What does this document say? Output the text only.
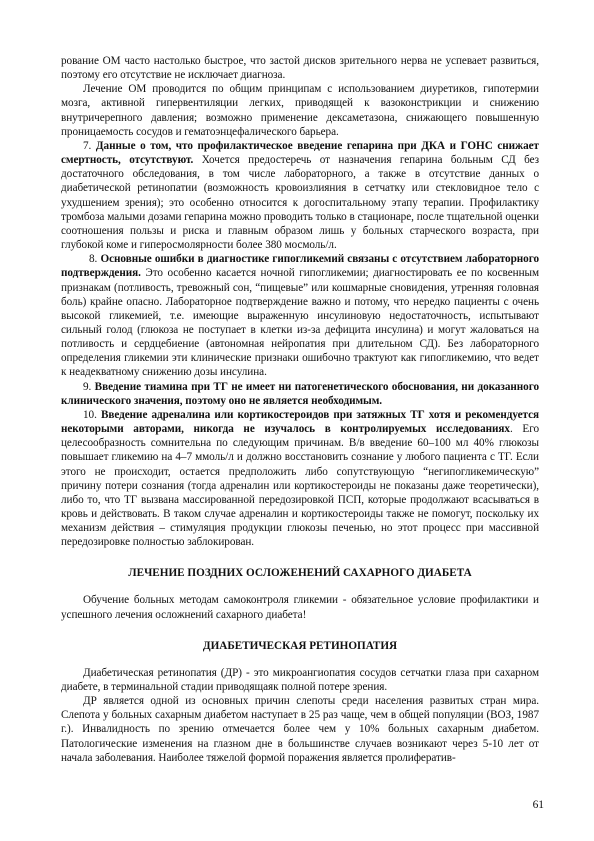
рование ОМ часто настолько быстрое, что застой дисков зрительного нерва не успевает развиться, поэтому его отсутствие не исключает диагноза.

Лечение ОМ проводится по общим принципам с использованием диуретиков, гипотермии мозга, активной гипервентиляции легких, приводящей к вазоконстрикции и снижению внутричерепного давления; возможно применение дексаметазона, снижающего повышенную проницаемость сосудов и гематоэнцефалического барьера.

7. Данные о том, что профилактическое введение гепарина при ДКА и ГОНС снижает смертность, отсутствуют. Хочется предостеречь от назначения гепарина больным СД без достаточного обследования, в том числе лабораторного, а также в отсутствие данных о диабетической ретинопатии (возможность кровоизлияния в сетчатку или стекловидное тело с ухудшением зрения); это особенно относится к догоспитальному этапу терапии. Профилактику тромбоза малыми дозами гепарина можно проводить только в стационаре, после тщательной оценки соотношения пользы и риска и главным образом лишь у больных старческого возраста, при глубокой коме и гиперосмолярности более 380 мосмоль/л.

8. Основные ошибки в диагностике гипогликемий связаны с отсутствием лабораторного подтверждения. Это особенно касается ночной гипогликемии; диагностировать ее по косвенным признакам (потливость, тревожный сон, “пищевые” или кошмарные сновидения, утренняя головная боль) крайне опасно. Лабораторное подтверждение важно и потому, что нередко пациенты с очень высокой гликемией, т.е. имеющие выраженную инсулиновую недостаточность, испытывают сильный голод (глюкоза не поступает в клетки из-за дефицита инсулина) и могут жаловаться на потливость и сердцебиение (автономная нейропатия при длительном СД). Без лабораторного определения гликемии эти клинические признаки ошибочно трактуют как гипогликемию, что ведет к неадекватному снижению дозы инсулина.

9. Введение тиамина при ТГ не имеет ни патогенетического обоснования, ни доказанного клинического значения, поэтому оно не является необходимым.

10. Введение адреналина или кортикостероидов при затяжных ТГ хотя и рекомендуется некоторыми авторами, никогда не изучалось в контролируемых исследованиях. Его целесообразность сомнительна по следующим причинам. В/в введение 60–100 мл 40% глюкозы повышает гликемию на 4–7 ммоль/л и должно восстановить сознание у любого пациента с ТГ. Если этого не происходит, остается предположить либо сопутствующую “негипогликемическую” причину потери сознания (тогда адреналин или кортикостероиды не показаны даже теоретически), либо то, что ТГ вызвана массированной передозировкой ПСП, которые продолжают всасываться в кровь и действовать. В таком случае адреналин и кортикостероиды также не помогут, поскольку их механизм действия – стимуляция продукции глюкозы печенью, но этот процесс при массивной передозировке полностью заблокирован.

ЛЕЧЕНИЕ ПОЗДНИХ ОСЛОЖЕНЕНИЙ САХАРНОГО ДИАБЕТА

Обучение больных методам самоконтроля гликемии - обязательное условие профилактики и успешного лечения осложнений сахарного диабета!

ДИАБЕТИЧЕСКАЯ РЕТИНОПАТИЯ

Диабетическая ретинопатия (ДР) - это микроангиопатия сосудов сетчатки глаза при сахарном диабете, в терминальной стадии приводящаяк полной потере зрения.

ДР является одной из основных причин слепоты среди населения развитых стран мира. Слепота у больных сахарным диабетом наступает в 25 раз чаще, чем в общей популяции (ВОЗ, 1987 г.). Инвалидность по зрению отмечается более чем у 10% больных сахарным диабетом. Патологические изменения на глазном дне в большинстве случаев возникают через 5-10 лет от начала заболевания. Наиболее тяжелой формой поражения является пролифератив-

61
